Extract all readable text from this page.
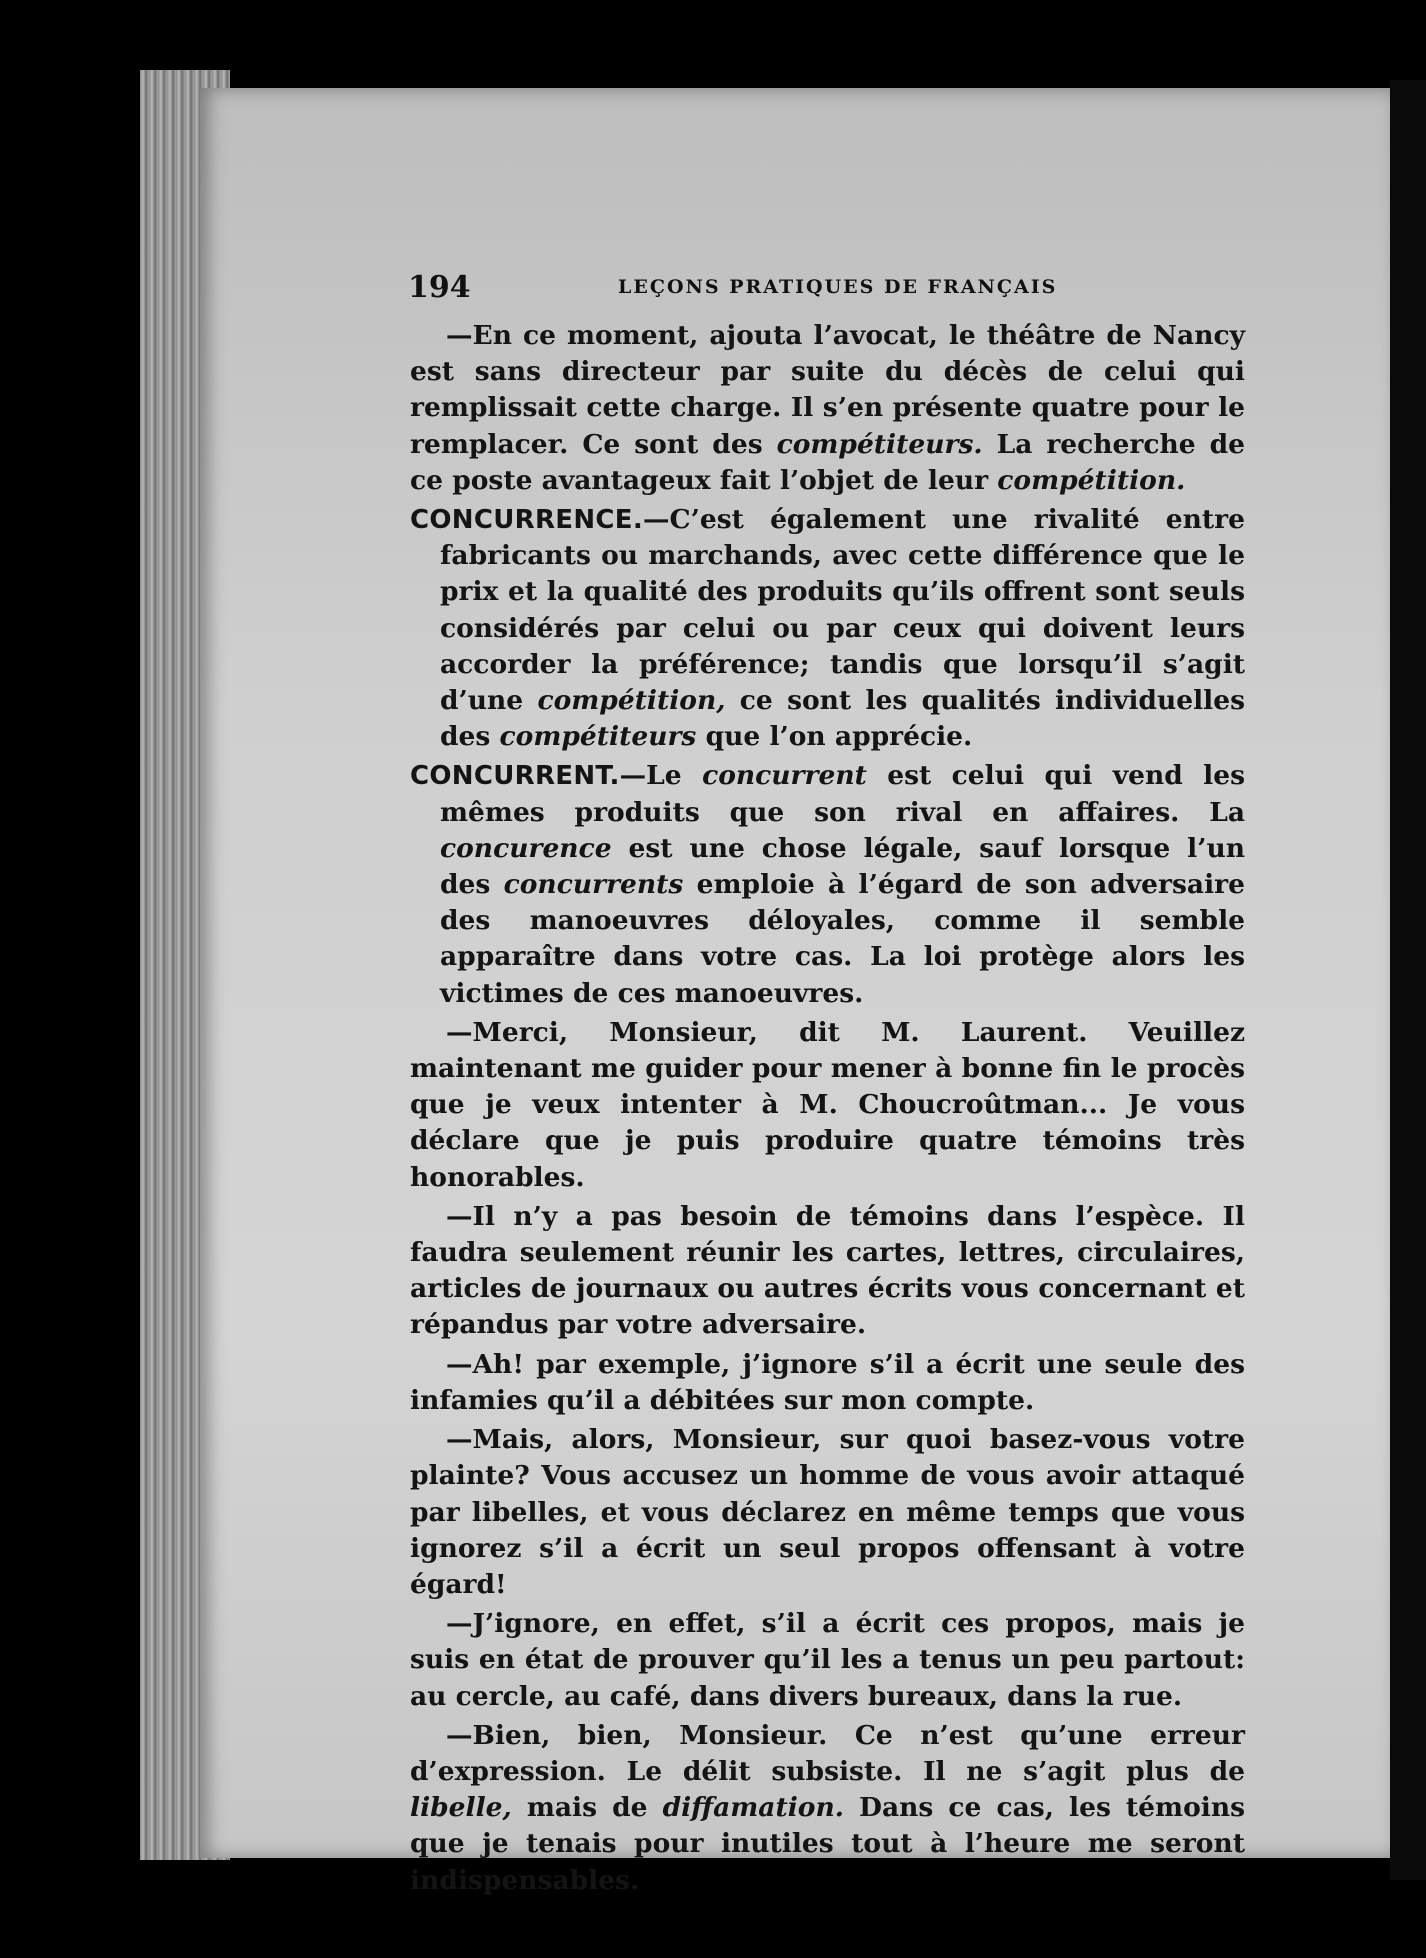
194	LEÇONS PRATIQUES DE FRANÇAIS

—En ce moment, ajouta l’avocat, le théâtre de Nancy est sans directeur par suite du décès de celui qui remplissait cette charge. Il s’en présente quatre pour le remplacer. Ce sont des compétiteurs. La recherche de ce poste avantageux fait l’objet de leur compétition.

CONCURRENCE.—C’est également une rivalité entre fabricants ou marchands, avec cette différence que le prix et la qualité des produits qu’ils offrent sont seuls considérés par celui ou par ceux qui doivent leurs accorder la préférence; tandis que lorsqu’il s’agit d’une compétition, ce sont les qualités individuelles des compétiteurs que l’on apprécie.

CONCURRENT.—Le concurrent est celui qui vend les mêmes produits que son rival en affaires. La concurence est une chose légale, sauf lorsque l’un des concurrents emploie à l’égard de son adversaire des manoeuvres déloyales, comme il semble apparaître dans votre cas. La loi protège alors les victimes de ces manoeuvres.

—Merci, Monsieur, dit M. Laurent. Veuillez maintenant me guider pour mener à bonne fin le procès que je veux intenter à M. Choucroûtman... Je vous déclare que je puis produire quatre témoins très honorables.

—Il n’y a pas besoin de témoins dans l’espèce. Il faudra seulement réunir les cartes, lettres, circulaires, articles de journaux ou autres écrits vous concernant et répandus par votre adversaire.

—Ah! par exemple, j’ignore s’il a écrit une seule des infamies qu’il a débitées sur mon compte.

—Mais, alors, Monsieur, sur quoi basez-vous votre plainte? Vous accusez un homme de vous avoir attaqué par libelles, et vous déclarez en même temps que vous ignorez s’il a écrit un seul propos offensant à votre égard!

—J’ignore, en effet, s’il a écrit ces propos, mais je suis en état de prouver qu’il les a tenus un peu partout: au cercle, au café, dans divers bureaux, dans la rue.

—Bien, bien, Monsieur. Ce n’est qu’une erreur d’expression. Le délit subsiste. Il ne s’agit plus de libelle, mais de diffamation. Dans ce cas, les témoins que je tenais pour inutiles tout à l’heure me seront indispensables.
